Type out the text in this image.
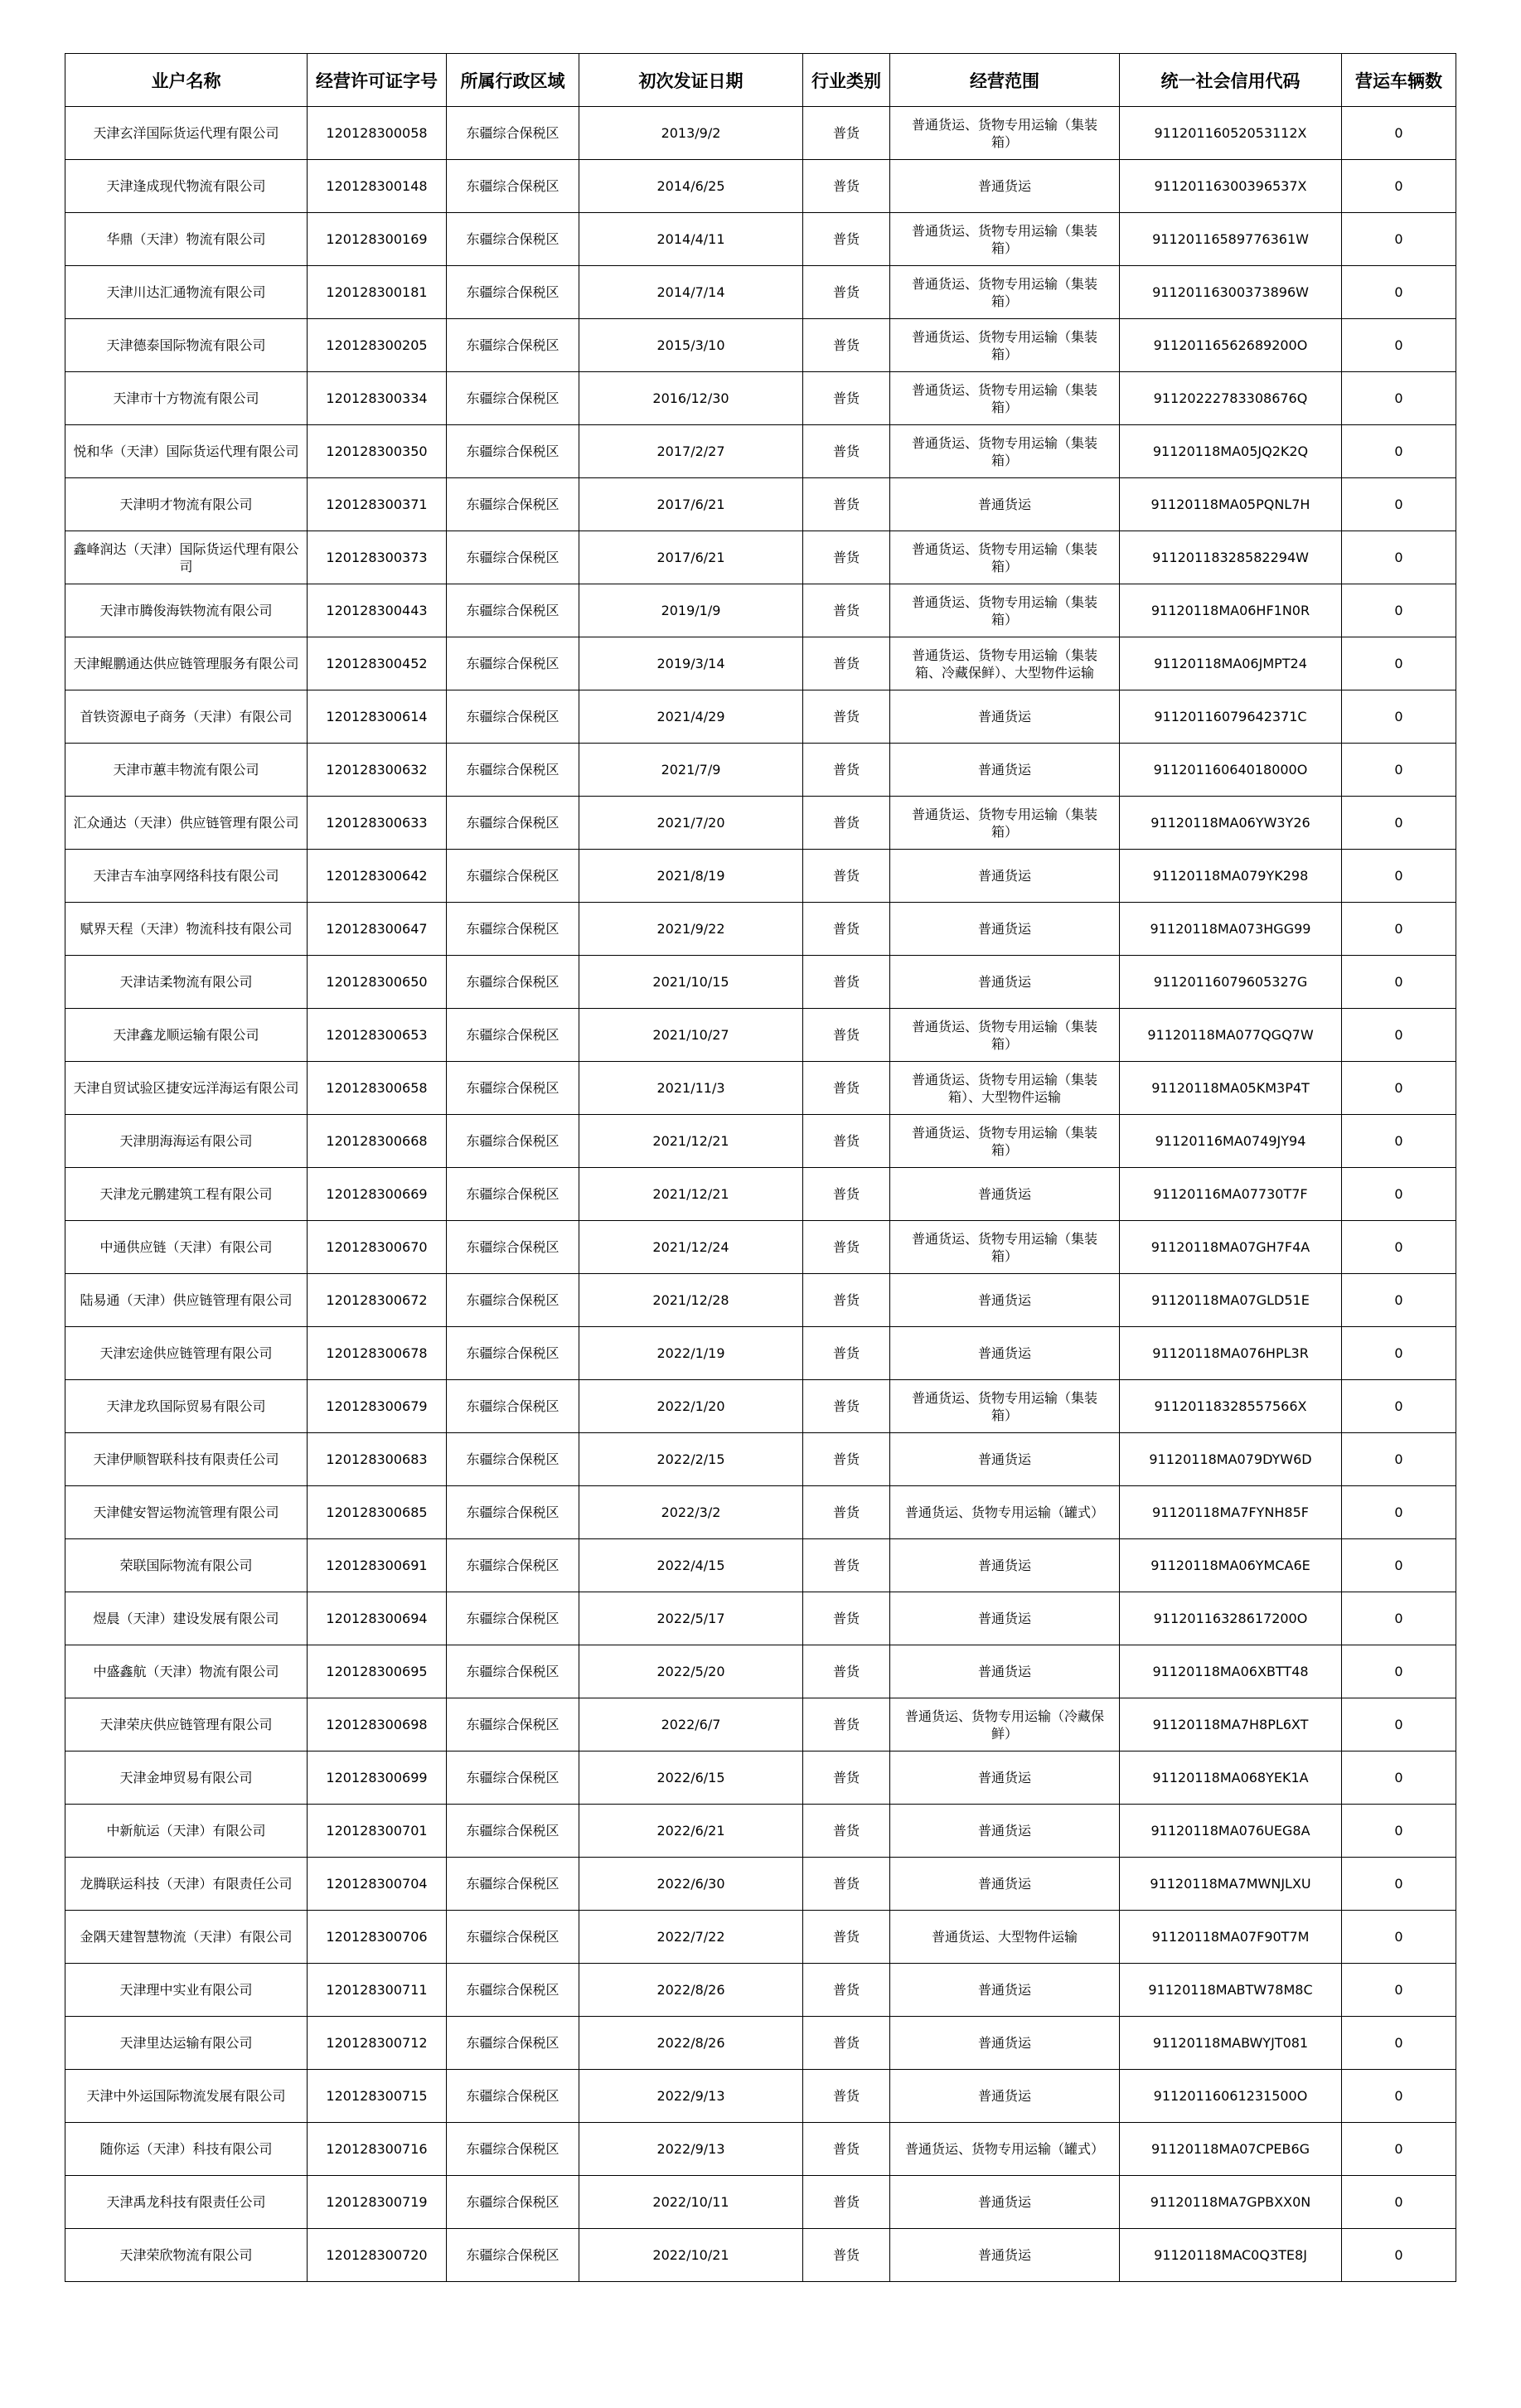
业户名称	经营许可证字号	所属行政区域	初次发证日期	行业类别	经营范围	统一社会信用代码	营运车辆数
天津玄洋国际货运代理有限公司	120128300058	东疆综合保税区	2013/9/2	普货	普通货运、货物专用运输（集装箱）	91120116052053112X	0
天津逢成现代物流有限公司	120128300148	东疆综合保税区	2014/6/25	普货	普通货运	91120116300396537X	0
华鼎（天津）物流有限公司	120128300169	东疆综合保税区	2014/4/11	普货	普通货运、货物专用运输（集装箱）	91120116589776361W	0
天津川达汇通物流有限公司	120128300181	东疆综合保税区	2014/7/14	普货	普通货运、货物专用运输（集装箱）	91120116300373896W	0
天津德泰国际物流有限公司	120128300205	东疆综合保税区	2015/3/10	普货	普通货运、货物专用运输（集装箱）	91120116562689200O	0
天津市十方物流有限公司	120128300334	东疆综合保税区	2016/12/30	普货	普通货运、货物专用运输（集装箱）	91120222783308676Q	0
悦和华（天津）国际货运代理有限公司	120128300350	东疆综合保税区	2017/2/27	普货	普通货运、货物专用运输（集装箱）	91120118MA05JQ2K2Q	0
天津明才物流有限公司	120128300371	东疆综合保税区	2017/6/21	普货	普通货运	91120118MA05PQNL7H	0
鑫峰润达（天津）国际货运代理有限公司	120128300373	东疆综合保税区	2017/6/21	普货	普通货运、货物专用运输（集装箱）	91120118328582294W	0
天津市腾俊海铁物流有限公司	120128300443	东疆综合保税区	2019/1/9	普货	普通货运、货物专用运输（集装箱）	91120118MA06HF1N0R	0
天津鲲鹏通达供应链管理服务有限公司	120128300452	东疆综合保税区	2019/3/14	普货	普通货运、货物专用运输（集装箱、冷藏保鲜）、大型物件运输	91120118MA06JMPT24	0
首铁资源电子商务（天津）有限公司	120128300614	东疆综合保税区	2021/4/29	普货	普通货运	91120116079642371C	0
天津市蕙丰物流有限公司	120128300632	东疆综合保税区	2021/7/9	普货	普通货运	91120116064018000O	0
汇众通达（天津）供应链管理有限公司	120128300633	东疆综合保税区	2021/7/20	普货	普通货运、货物专用运输（集装箱）	91120118MA06YW3Y26	0
天津吉车油享网络科技有限公司	120128300642	东疆综合保税区	2021/8/19	普货	普通货运	91120118MA079YK298	0
赋界天程（天津）物流科技有限公司	120128300647	东疆综合保税区	2021/9/22	普货	普通货运	91120118MA073HGG99	0
天津诘柔物流有限公司	120128300650	东疆综合保税区	2021/10/15	普货	普通货运	91120116079605327G	0
天津鑫龙顺运输有限公司	120128300653	东疆综合保税区	2021/10/27	普货	普通货运、货物专用运输（集装箱）	91120118MA077QGQ7W	0
天津自贸试验区捷安远洋海运有限公司	120128300658	东疆综合保税区	2021/11/3	普货	普通货运、货物专用运输（集装箱）、大型物件运输	91120118MA05KM3P4T	0
天津朋海海运有限公司	120128300668	东疆综合保税区	2021/12/21	普货	普通货运、货物专用运输（集装箱）	91120116MA0749JY94	0
天津龙元鹏建筑工程有限公司	120128300669	东疆综合保税区	2021/12/21	普货	普通货运	91120116MA07730T7F	0
中通供应链（天津）有限公司	120128300670	东疆综合保税区	2021/12/24	普货	普通货运、货物专用运输（集装箱）	91120118MA07GH7F4A	0
陆易通（天津）供应链管理有限公司	120128300672	东疆综合保税区	2021/12/28	普货	普通货运	91120118MA07GLD51E	0
天津宏途供应链管理有限公司	120128300678	东疆综合保税区	2022/1/19	普货	普通货运	91120118MA076HPL3R	0
天津龙玖国际贸易有限公司	120128300679	东疆综合保税区	2022/1/20	普货	普通货运、货物专用运输（集装箱）	91120118328557566X	0
天津伊顺智联科技有限责任公司	120128300683	东疆综合保税区	2022/2/15	普货	普通货运	91120118MA079DYW6D	0
天津健安智运物流管理有限公司	120128300685	东疆综合保税区	2022/3/2	普货	普通货运、货物专用运输（罐式）	91120118MA7FYNH85F	0
荣联国际物流有限公司	120128300691	东疆综合保税区	2022/4/15	普货	普通货运	91120118MA06YMCA6E	0
煜晨（天津）建设发展有限公司	120128300694	东疆综合保税区	2022/5/17	普货	普通货运	91120116328617200O	0
中盛鑫航（天津）物流有限公司	120128300695	东疆综合保税区	2022/5/20	普货	普通货运	91120118MA06XBTT48	0
天津荣庆供应链管理有限公司	120128300698	东疆综合保税区	2022/6/7	普货	普通货运、货物专用运输（冷藏保鲜）	91120118MA7H8PL6XT	0
天津金坤贸易有限公司	120128300699	东疆综合保税区	2022/6/15	普货	普通货运	91120118MA068YEK1A	0
中新航运（天津）有限公司	120128300701	东疆综合保税区	2022/6/21	普货	普通货运	91120118MA076UEG8A	0
龙腾联运科技（天津）有限责任公司	120128300704	东疆综合保税区	2022/6/30	普货	普通货运	91120118MA7MWNJLXU	0
金隅天建智慧物流（天津）有限公司	120128300706	东疆综合保税区	2022/7/22	普货	普通货运、大型物件运输	91120118MA07F90T7M	0
天津理中实业有限公司	120128300711	东疆综合保税区	2022/8/26	普货	普通货运	91120118MABTW78M8C	0
天津里达运输有限公司	120128300712	东疆综合保税区	2022/8/26	普货	普通货运	91120118MABWYJT081	0
天津中外运国际物流发展有限公司	120128300715	东疆综合保税区	2022/9/13	普货	普通货运	91120116061231500O	0
随你运（天津）科技有限公司	120128300716	东疆综合保税区	2022/9/13	普货	普通货运、货物专用运输（罐式）	91120118MA07CPEB6G	0
天津禹龙科技有限责任公司	120128300719	东疆综合保税区	2022/10/11	普货	普通货运	91120118MA7GPBXX0N	0
天津荣欣物流有限公司	120128300720	东疆综合保税区	2022/10/21	普货	普通货运	91120118MAC0Q3TE8J	0
